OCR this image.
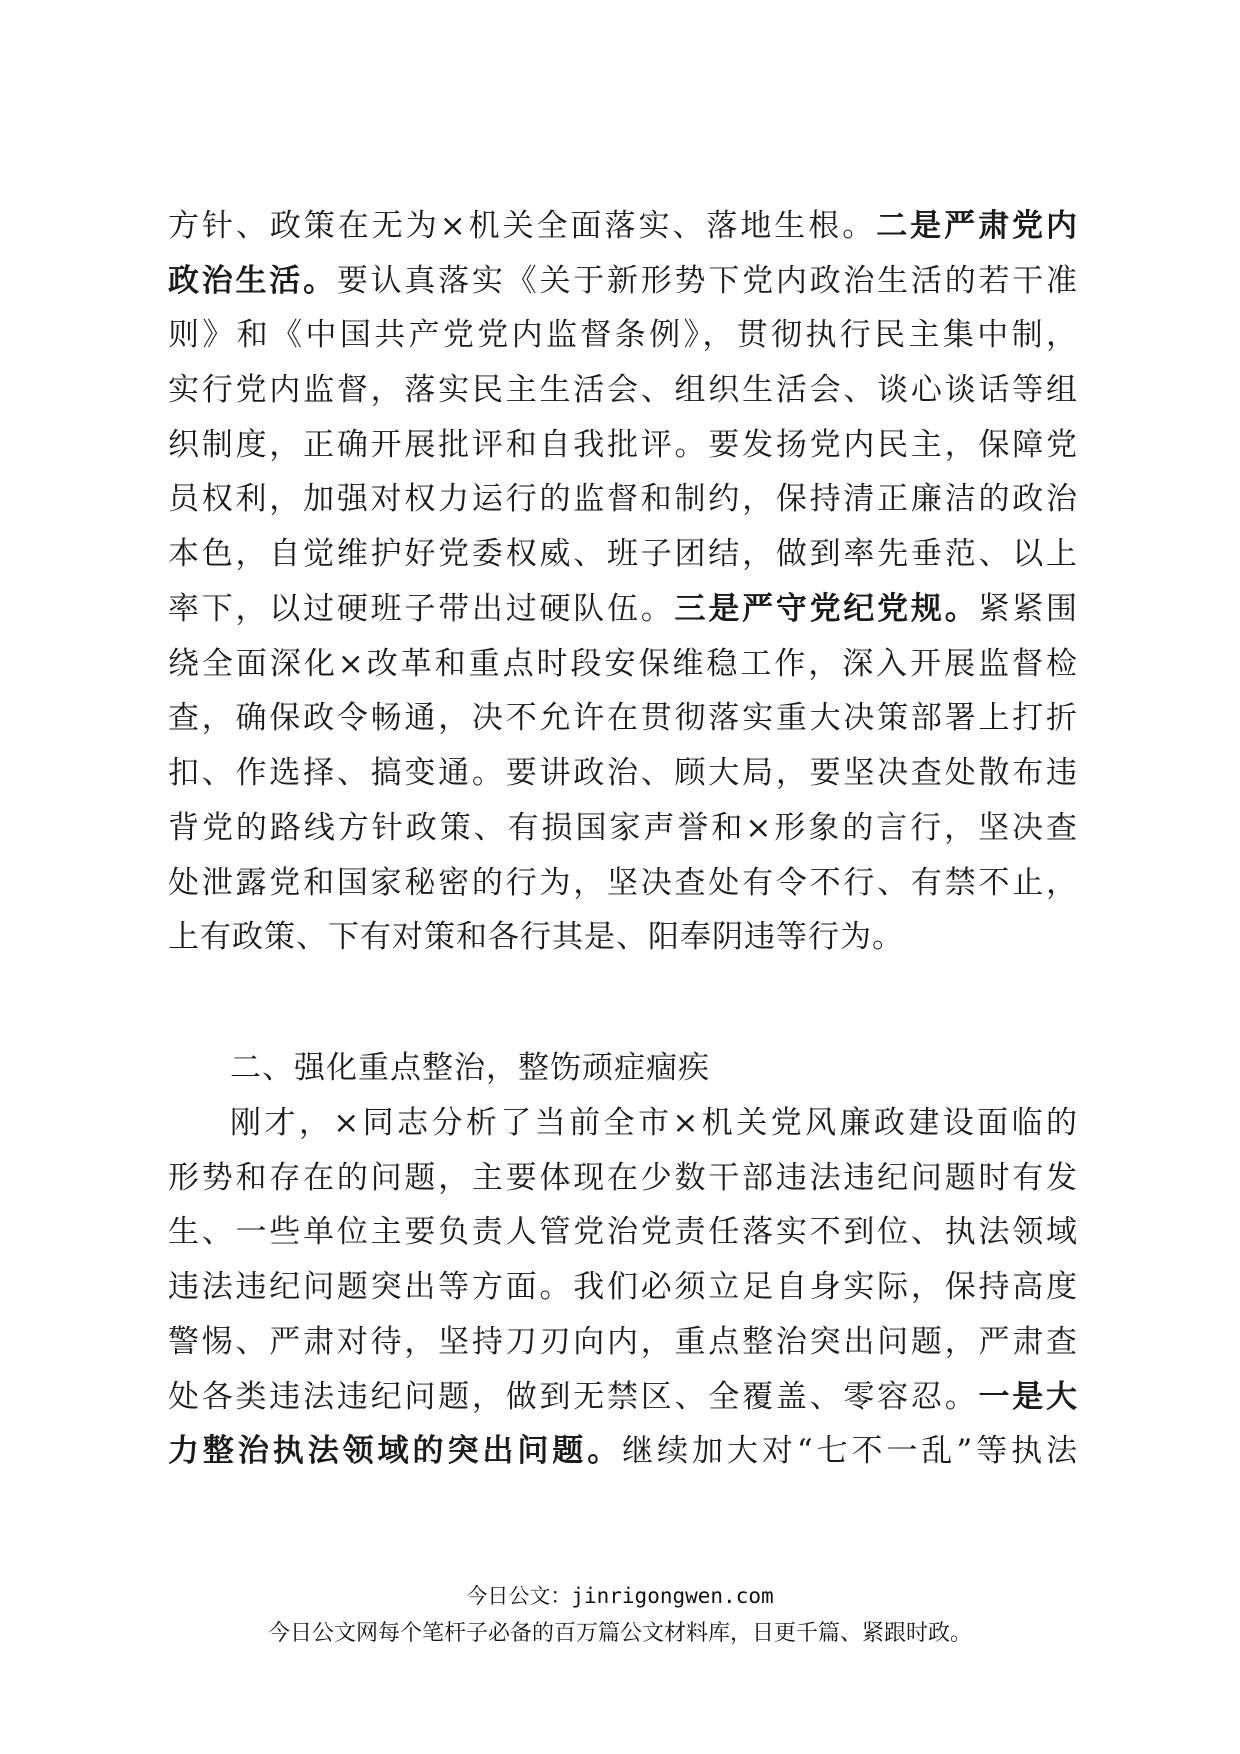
方针、政策在无为×机关全面落实、落地生根。二是严肃党内
政治生活。要认真落实《关于新形势下党内政治生活的若干准
则》和《中国共产党党内监督条例》，贯彻执行民主集中制，
实行党内监督，落实民主生活会、组织生活会、谈心谈话等组
织制度，正确开展批评和自我批评。要发扬党内民主，保障党
员权利，加强对权力运行的监督和制约，保持清正廉洁的政治
本色，自觉维护好党委权威、班子团结，做到率先垂范、以上
率下，以过硬班子带出过硬队伍。三是严守党纪党规。紧紧围
绕全面深化×改革和重点时段安保维稳工作，深入开展监督检
查，确保政令畅通，决不允许在贯彻落实重大决策部署上打折
扣、作选择、搞变通。要讲政治、顾大局，要坚决查处散布违
背党的路线方针政策、有损国家声誉和×形象的言行，坚决查
处泄露党和国家秘密的行为，坚决查处有令不行、有禁不止，
上有政策、下有对策和各行其是、阳奉阴违等行为。
二、强化重点整治，整饬顽症痼疾
刚才，×同志分析了当前全市×机关党风廉政建设面临的
形势和存在的问题，主要体现在少数干部违法违纪问题时有发
生、一些单位主要负责人管党治党责任落实不到位、执法领域
违法违纪问题突出等方面。我们必须立足自身实际，保持高度
警惕、严肃对待，坚持刀刃向内，重点整治突出问题，严肃查
处各类违法违纪问题，做到无禁区、全覆盖、零容忍。一是大
力整治执法领域的突出问题。继续加大对“七不一乱”等执法
今日公文：jinrigongwen.com
今日公文网每个笔杆子必备的百万篇公文材料库，日更千篇、紧跟时政。
